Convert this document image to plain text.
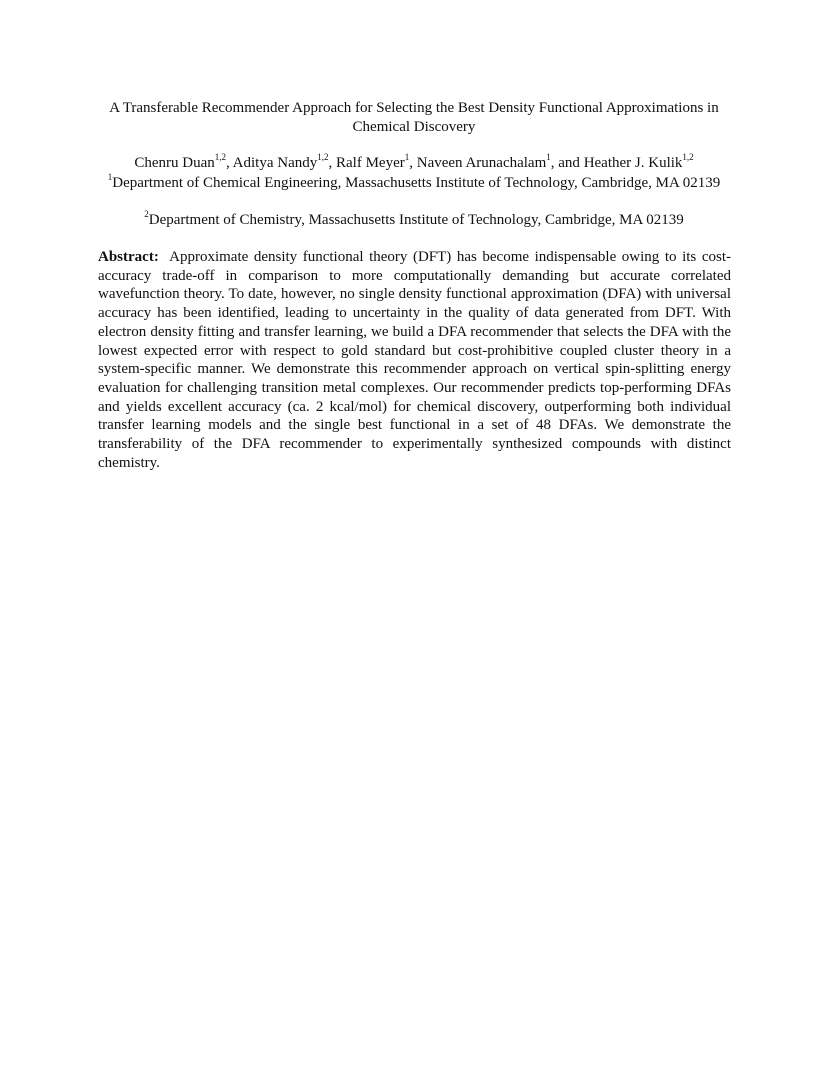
A Transferable Recommender Approach for Selecting the Best Density Functional Approximations in Chemical Discovery
Chenru Duan$^{1,2}$, Aditya Nandy$^{1,2}$, Ralf Meyer$^1$, Naveen Arunachalam$^1$, and Heather J. Kulik$^{1,2}$
$^1$Department of Chemical Engineering, Massachusetts Institute of Technology, Cambridge, MA 02139
$^2$Department of Chemistry, Massachusetts Institute of Technology, Cambridge, MA 02139

Abstract: Approximate density functional theory (DFT) has become indispensable owing to its cost-accuracy trade-off in comparison to more computationally demanding but accurate correlated wavefunction theory. To date, however, no single density functional approximation (DFA) with universal accuracy has been identified, leading to uncertainty in the quality of data generated from DFT. With electron density fitting and transfer learning, we build a DFA recommender that selects the DFA with the lowest expected error with respect to gold standard but cost-prohibitive coupled cluster theory in a system-specific manner. We demonstrate this recommender approach on vertical spin-splitting energy evaluation for challenging transition metal complexes. Our recommender predicts top-performing DFAs and yields excellent accuracy (ca. 2 kcal/mol) for chemical discovery, outperforming both individual transfer learning models and the single best functional in a set of 48 DFAs. We demonstrate the transferability of the DFA recommender to experimentally synthesized compounds with distinct chemistry.
